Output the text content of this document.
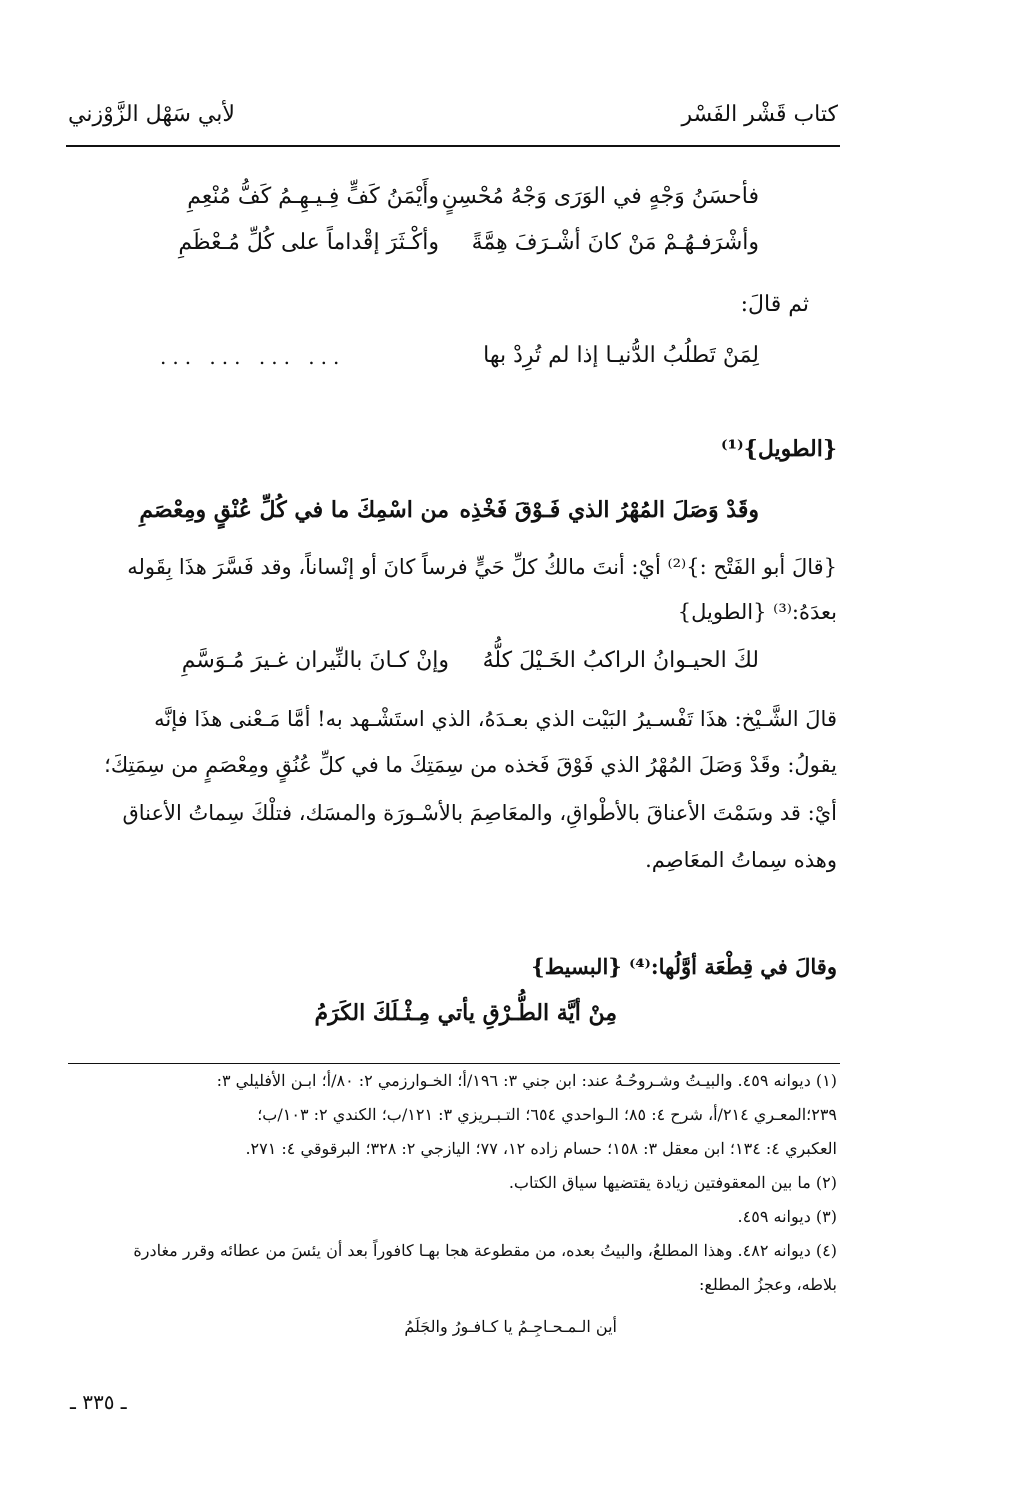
كتاب قَشْر الفَسْر
لأبي سَهْل الزَّوْزني
فأحسَنُ وَجْهٍ في الوَرَى وَجْهُ مُحْسِنٍ
وأَيْمَنُ كَفٍّ فِـيـهِـمُ كَفُّ مُنْعِمِ
وأشْرَفـهُـمْ مَنْ كانَ أشْـرَفَ هِمَّةً
وأكْـثَرَ إقْداماً على كُلِّ مُـعْظَمِ
ثم قالَ:
لِمَنْ تَطلُبُ الدُّنيـا إذا لم تُرِدْ بها
... ... ... ...
{الطويل}⁽¹⁾
وقَدْ وَصَلَ المُهْرُ الذي فَـوْقَ فَخْذِه
من اسْمِكَ ما في كُلِّ عُنْقٍ ومِعْصَمِ
{قالَ أبو الفَتْح :}⁽²⁾ أيْ: أنتَ مالكُ كلِّ حَيٍّ فرساً كانَ أو إنْساناً، وقد فَسَّرَ هذَا بِقَوله
بعدَهُ:⁽³⁾ {الطويل}
لكَ الحيـوانُ الراكبُ الخَـيْلَ كلُّهُ
وإنْ كـانَ بالنِّيران غـيرَ مُـوَسَّمِ
قالَ الشَّـيْخ: هذَا تَفْسـيرُ البَيْت الذي بعـدَهُ، الذي استَشْـهد به! أمَّا مَـعْنى هذَا فإنَّه
يقولُ: وقَدْ وَصَلَ المُهْرُ الذي فَوْقَ فَخذه من سِمَتِكَ ما في كلِّ عُنُقٍ ومِعْصَمٍ من سِمَتِكَ؛
أيْ: قد وسَمْتَ الأعناقَ بالأطْواقِ، والمعَاصِمَ بالأسْـورَة والمسَك، فتلْكَ سِماتُ الأعناق
وهذه سِماتُ المعَاصِم.
وقالَ في قِطْعَة أوَّلُها:⁽⁴⁾ {البسيط}
مِنْ أيَّة الطُّـرْقِ يأتي مِـثْـلَكَ الكَرَمُ
(١) ديوانه ٤٥٩. والبيـتُ وشـروحُـهُ عند: ابن جني ٣: ١٩٦/أ؛ الخـوارزمي ٢: ٨٠/أ؛ ابـن الأفليلي ٣:
٢٣٩؛المعـري ٢١٤/أ، شرح ٤: ٨٥؛ الـواحدي ٦٥٤؛ التـبـريزي ٣: ١٢١/ب؛ الكندي ٢: ١٠٣/ب؛
العكبري ٤: ١٣٤؛ ابن معقل ٣: ١٥٨؛ حسام زاده ١٢، ٧٧؛ اليازجي ٢: ٣٢٨؛ البرقوقي ٤: ٢٧١.
(٢) ما بين المعقوفتين زيادة يقتضيها سياق الكتاب.
(٣) ديوانه ٤٥٩.
(٤) ديوانه ٤٨٢. وهذا المطلعُ، والبيتُ بعده، من مقطوعة هجا بهـا كافوراً بعد أن يئسَ من عطائه وقرر مغادرة
بلاطه، وعجزُ المطلع:
أين الـمـحـاجِـمُ يا كـافـورُ والجَلَمُ
ـ ٣٣٥ ـ
